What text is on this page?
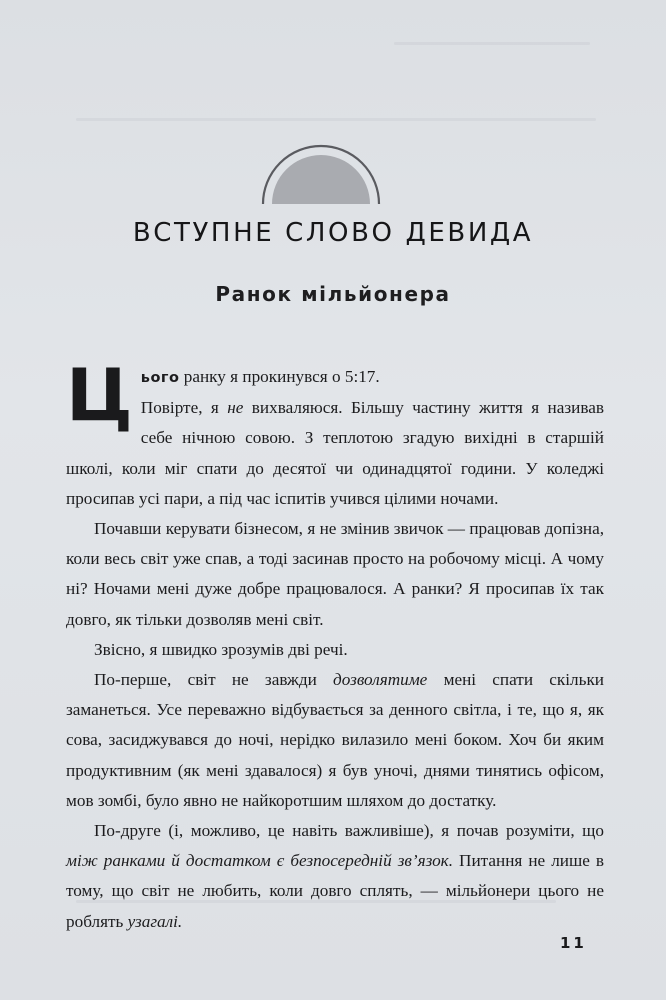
ВСТУПНЕ СЛОВО ДЕВИДА
Ранок мільйонера

Цього ранку я прокинувся о 5:17.
Повірте, я не вихваляюся. Більшу частину життя я називав себе нічною совою. З теплотою згадую вихідні в старшій школі, коли міг спати до десятої чи одинадцятої години. У коледжі просипав усі пари, а під час іспитів учився цілими ночами.

Почавши керувати бізнесом, я не змінив звичок — працював допізна, коли весь світ уже спав, а тоді засинав просто на робочому місці. А чому ні? Ночами мені дуже добре працювалося. А ранки? Я просипав їх так довго, як тільки дозволяв мені світ.

Звісно, я швидко зрозумів дві речі.

По-перше, світ не завжди дозволятиме мені спати скільки заманеться. Усе переважно відбувається за денного світла, і те, що я, як сова, засиджувався до ночі, нерідко вилазило мені боком. Хоч би яким продуктивним (як мені здавалося) я був уночі, днями тинятись офісом, мов зомбі, було явно не найкоротшим шляхом до достатку.

По-друге (і, можливо, це навіть важливіше), я почав розуміти, що між ранками й достатком є безпосередній зв’язок. Питання не лише в тому, що світ не любить, коли довго сплять, — мільйонери цього не роблять узагалі.

11
